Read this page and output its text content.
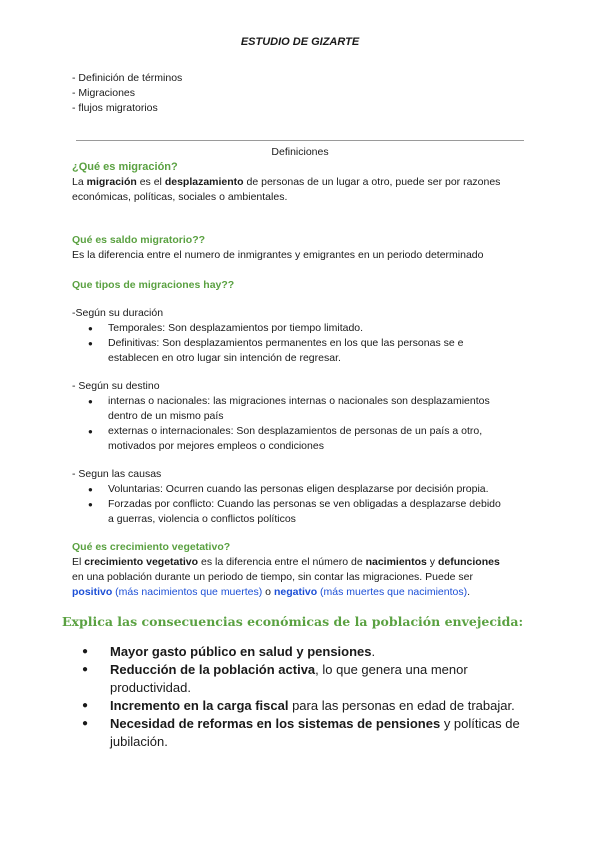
ESTUDIO DE GIZARTE
- Definición de términos
- Migraciones
- flujos migratorios
Definiciones
¿Qué es migración?
La migración es el desplazamiento de personas de un lugar a otro, puede ser por razones
económicas, políticas, sociales o ambientales.
Qué es saldo migratorio??
Es la diferencia entre el numero de inmigrantes y emigrantes en un periodo determinado
Que tipos de migraciones hay??
-Según su duración
● Temporales: Son desplazamientos por tiempo limitado.
● Definitivas: Son desplazamientos permanentes en los que las personas se e
establecen en otro lugar sin intención de regresar.
- Según su destino
● internas o nacionales: las migraciones internas o nacionales son desplazamientos
dentro de un mismo país
● externas o internacionales: Son desplazamientos de personas de un país a otro,
motivados por mejores empleos o condiciones
- Segun las causas
● Voluntarias: Ocurren cuando las personas eligen desplazarse por decisión propia.
● Forzadas por conflicto: Cuando las personas se ven obligadas a desplazarse debido
a guerras, violencia o conflictos políticos
Qué es crecimiento vegetativo?
El crecimiento vegetativo es la diferencia entre el número de nacimientos y defunciones
en una población durante un periodo de tiempo, sin contar las migraciones. Puede ser
positivo (más nacimientos que muertes) o negativo (más muertes que nacimientos).
Explica las consecuencias económicas de la población envejecida:
● Mayor gasto público en salud y pensiones.
● Reducción de la población activa, lo que genera una menor
productividad.
● Incremento en la carga fiscal para las personas en edad de trabajar.
● Necesidad de reformas en los sistemas de pensiones y políticas de
jubilación.
